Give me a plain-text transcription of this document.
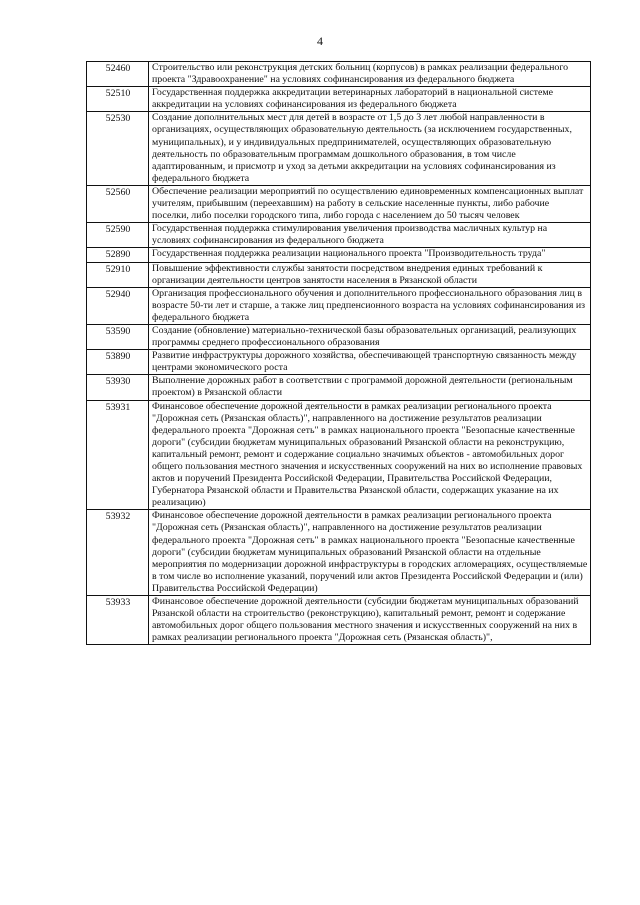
4
52460	Строительство или реконструкция детских больниц (корпусов) в рамках реализации федерального проекта "Здравоохранение" на условиях софинансирования из федерального бюджета
52510	Государственная поддержка аккредитации ветеринарных лабораторий в национальной системе аккредитации на условиях софинансирования из федерального бюджета
52530	Создание дополнительных мест для детей в возрасте от 1,5 до 3 лет любой направленности в организациях, осуществляющих образовательную деятельность (за исключением государственных, муниципальных), и у индивидуальных предпринимателей, осуществляющих образовательную деятельность по образовательным программам дошкольного образования, в том числе адаптированным, и присмотр и уход за детьми аккредитации на условиях софинансирования из федерального бюджета
52560	Обеспечение реализации мероприятий по осуществлению единовременных компенсационных выплат учителям, прибывшим (переехавшим) на работу в сельские населенные пункты, либо рабочие поселки, либо поселки городского типа, либо города с населением до 50 тысяч человек
52590	Государственная поддержка стимулирования увеличения производства масличных культур на условиях софинансирования из федерального бюджета
52890	Государственная поддержка реализации национального проекта "Производительность труда"
52910	Повышение эффективности службы занятости посредством внедрения единых требований к организации деятельности центров занятости населения в Рязанской области
52940	Организация профессионального обучения и дополнительного профессионального образования лиц в возрасте 50-ти лет и старше, а также лиц предпенсионного возраста на условиях софинансирования из федерального бюджета
53590	Создание (обновление) материально-технической базы образовательных организаций, реализующих программы среднего профессионального образования
53890	Развитие инфраструктуры дорожного хозяйства, обеспечивающей транспортную связанность между центрами экономического роста
53930	Выполнение дорожных работ в соответствии с программой дорожной деятельности (региональным проектом) в Рязанской области
53931	Финансовое обеспечение дорожной деятельности в рамках реализации регионального проекта "Дорожная сеть (Рязанская область)", направленного на достижение результатов реализации федерального проекта "Дорожная сеть" в рамках национального проекта "Безопасные качественные дороги" (субсидии бюджетам муниципальных образований Рязанской области на реконструкцию, капитальный ремонт, ремонт и содержание социально значимых объектов - автомобильных дорог общего пользования местного значения и искусственных сооружений на них во исполнение правовых актов и поручений Президента Российской Федерации, Правительства Российской Федерации, Губернатора Рязанской области и Правительства Рязанской области, содержащих указание на их реализацию)
53932	Финансовое обеспечение дорожной деятельности в рамках реализации регионального проекта "Дорожная сеть (Рязанская область)", направленного на достижение результатов реализации федерального проекта "Дорожная сеть" в рамках национального проекта "Безопасные качественные дороги" (субсидии бюджетам муниципальных образований Рязанской области на отдельные мероприятия по модернизации дорожной инфраструктуры в городских агломерациях, осуществляемые в том числе во исполнение указаний, поручений или актов Президента Российской Федерации и (или) Правительства Российской Федерации)
53933	Финансовое обеспечение дорожной деятельности (субсидии бюджетам муниципальных образований Рязанской области на строительство (реконструкцию), капитальный ремонт, ремонт и содержание автомобильных дорог общего пользования местного значения и искусственных сооружений на них в рамках реализации регионального проекта "Дорожная сеть (Рязанская область)",
